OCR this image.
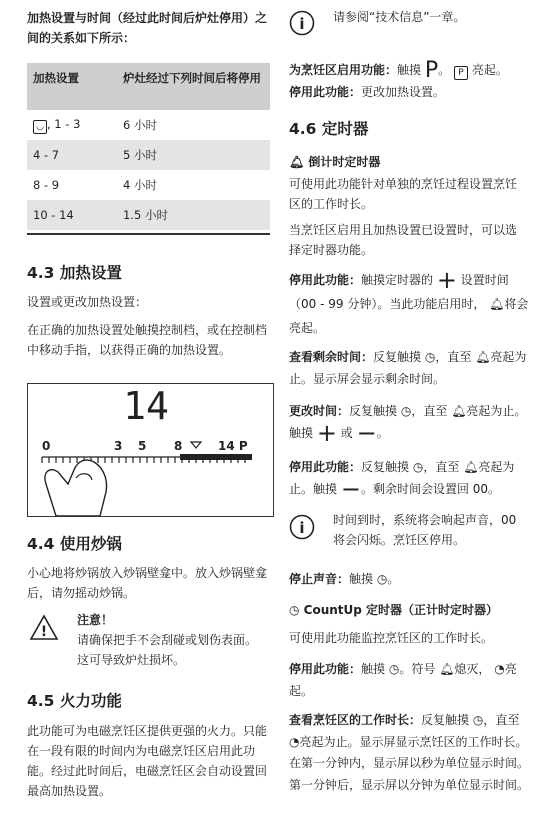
加热设置与时间（经过此时间后炉灶停用）之间的关系如下所示：
加热设置	炉灶经过下列时间后将停用
◡ , 1 - 3	6 小时
4 - 7	5 小时
8 - 9	4 小时
10 - 14	1.5 小时
4.3 加热设置

设置或更改加热设置：

在正确的加热设置处触摸控制档，或在控制档中移动手指，以获得正确的加热设置。

14
0	3 5 8	14 P
4.4 使用炒锅

小心地将炒锅放入炒锅壁龛中。放入炒锅壁龛后，请勿摇动炒锅。

!
注意！

请确保把手不会刮碰或划伤表面。这可导致炉灶损坏。

4.5 火力功能

此功能可为电磁烹饪区提供更强的火力。只能在一段有限的时间内为电磁烹饪区启用此功能。经过此时间后，电磁烹饪区会自动设置回最高加热设置。

i 请参阅“技术信息”一章。

为烹饪区启用功能：触摸 P。 P 亮起。

停用此功能：更改加热设置。

4.6 定时器
🔔︎ 倒计时定时器

可使用此功能针对单独的烹饪过程设置烹饪区的工作时长。

当烹饪区启用且加热设置已设置时，可以选择定时器功能。

停用此功能：触摸定时器的 + 设置时间（00 - 99 分钟）。当此功能启用时， 🔔︎将会亮起。

查看剩余时间：反复触摸 ◷，直至 🔔︎亮起为止。显示屏会显示剩余时间。

更改时间：反复触摸 ◷，直至 🔔︎亮起为止。触摸 + 或 −。

停用此功能：反复触摸 ◷，直至 🔔︎亮起为止。触摸 −。剩余时间会设置回 00。

i 时间到时，系统将会响起声音，00 将会闪烁。烹饪区停用。

停止声音：触摸 ◷。

◷ CountUp 定时器（正计时定时器）

可使用此功能监控烹饪区的工作时长。

停用此功能：触摸 ◷。符号 🔔︎熄灭， ◔亮起。

查看烹饪区的工作时长：反复触摸 ◷，直至 ◔亮起为止。显示屏显示烹饪区的工作时长。在第一分钟内，显示屏以秒为单位显示时间。第一分钟后，显示屏以分钟为单位显示时间。
